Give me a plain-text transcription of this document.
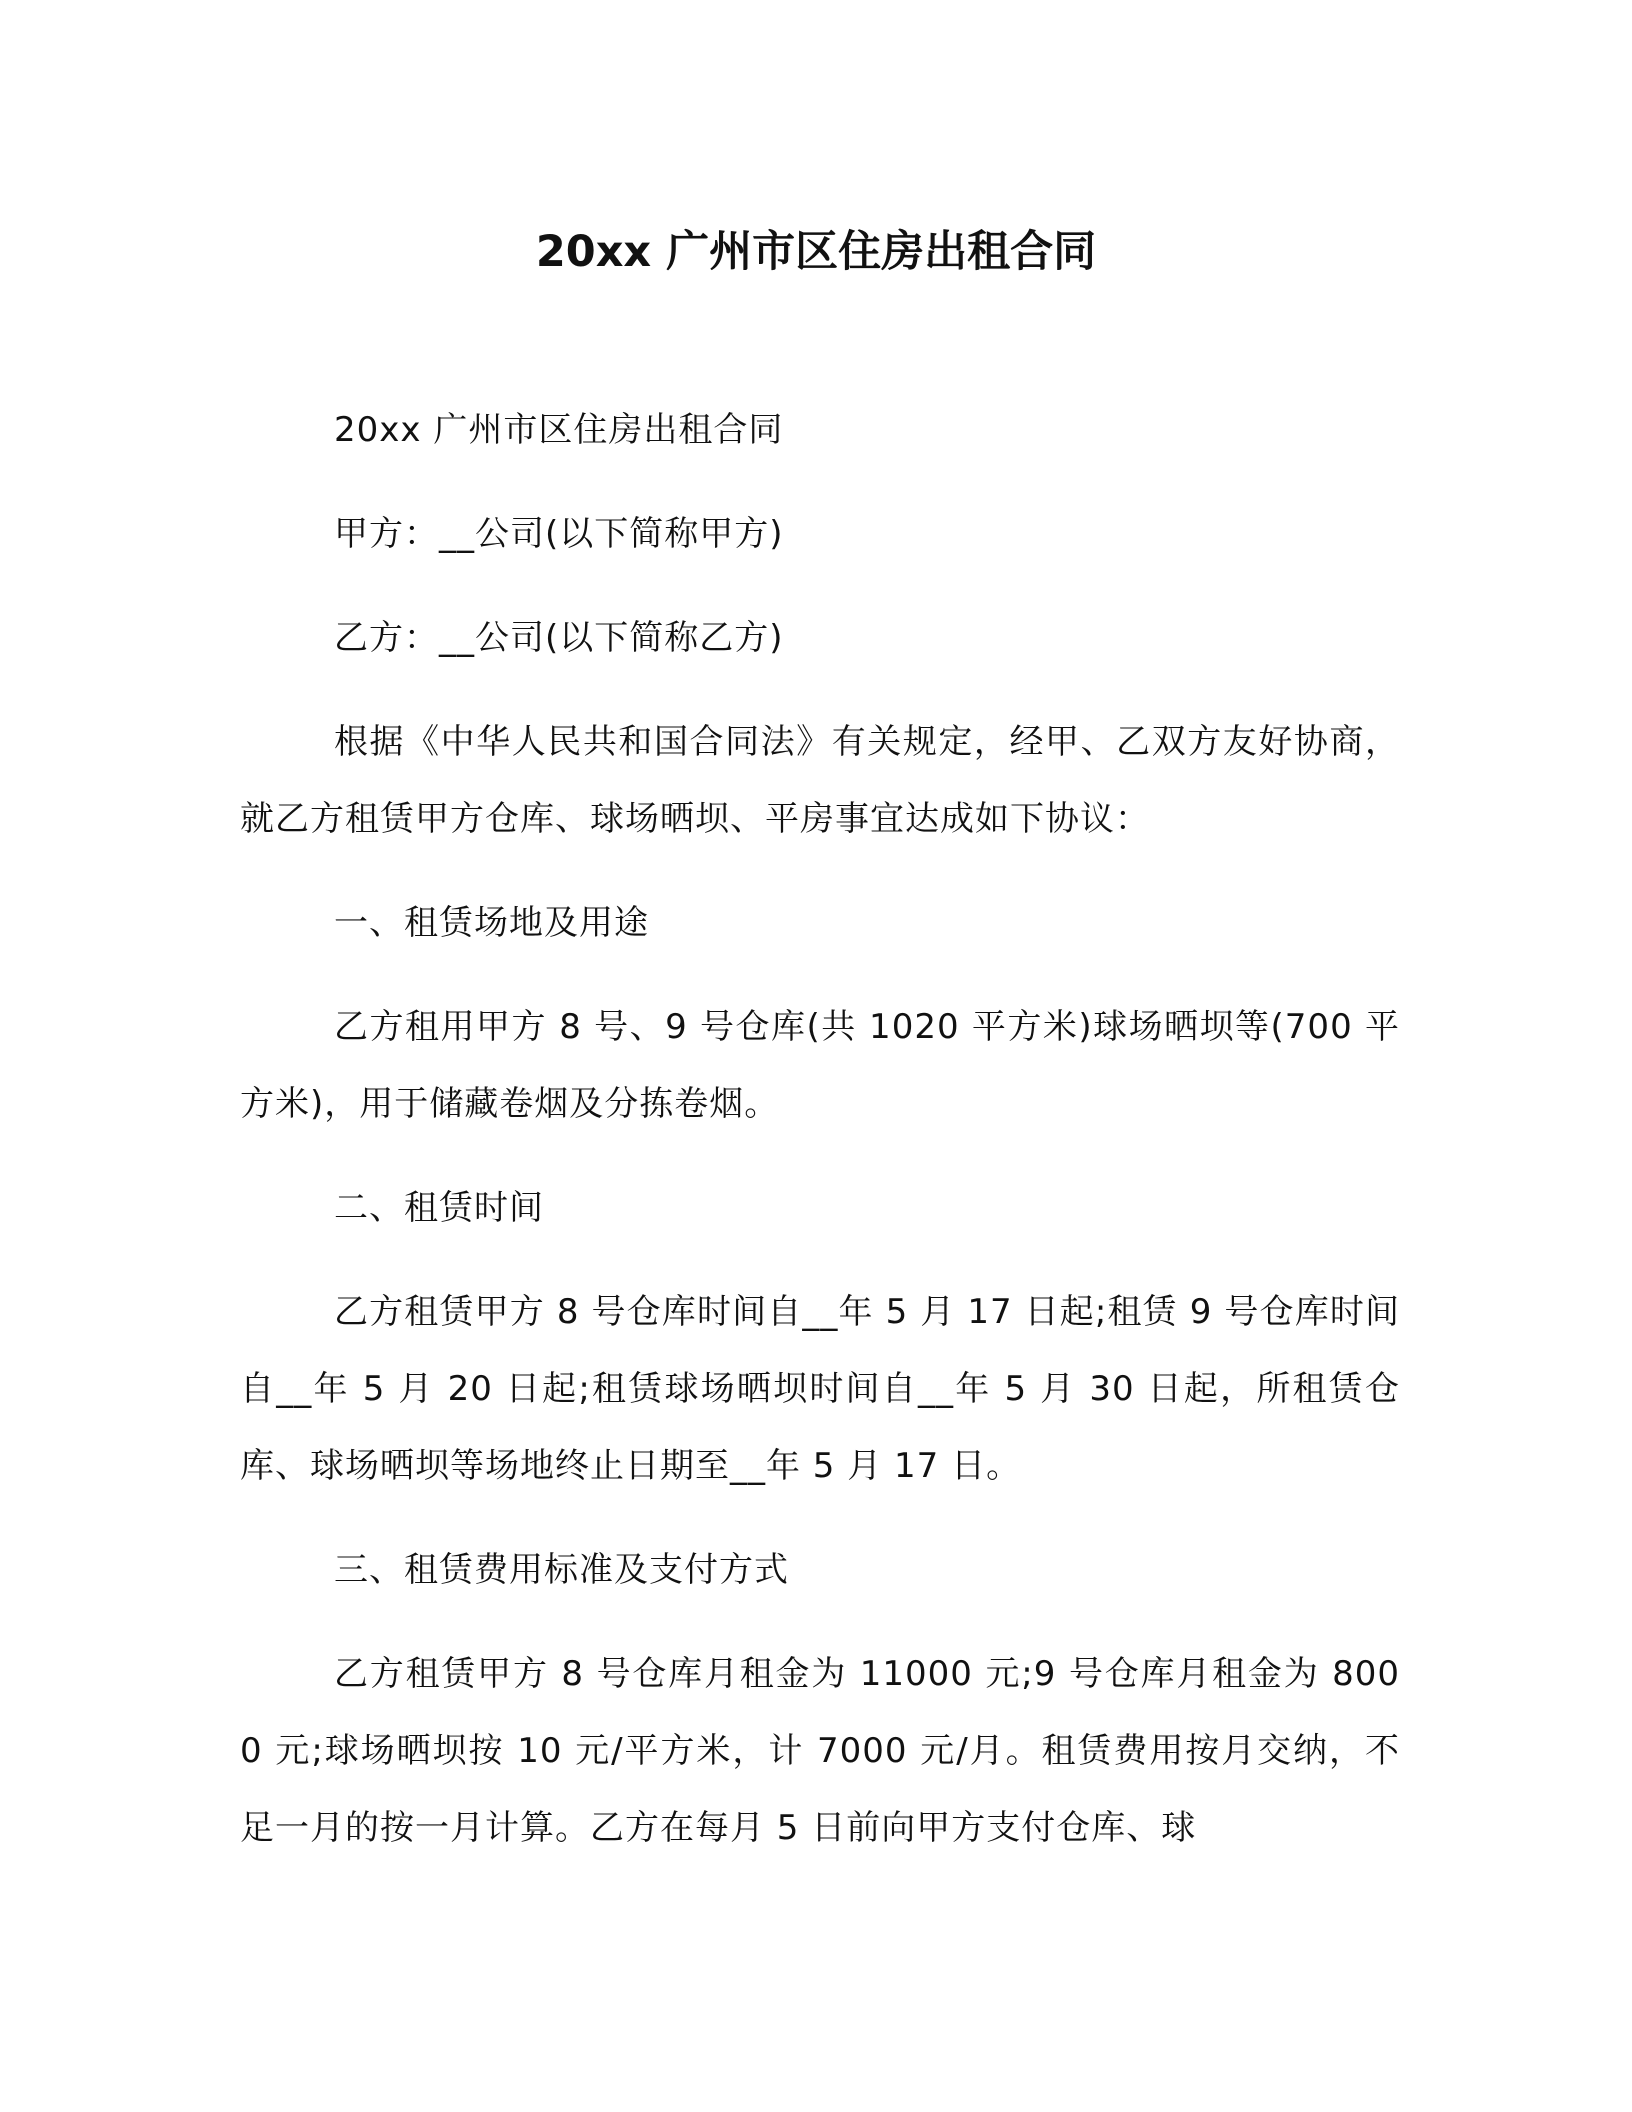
20xx 广州市区住房出租合同

20xx 广州市区住房出租合同

甲方：__公司(以下简称甲方)

乙方：__公司(以下简称乙方)

根据《中华人民共和国合同法》有关规定，经甲、乙双方友好协商，就乙方租赁甲方仓库、球场晒坝、平房事宜达成如下协议：

一、租赁场地及用途

乙方租用甲方 8 号、9 号仓库(共 1020 平方米)球场晒坝等(700 平方米)，用于储藏卷烟及分拣卷烟。

二、租赁时间

乙方租赁甲方 8 号仓库时间自__年 5 月 17 日起;租赁 9 号仓库时间自__年 5 月 20 日起;租赁球场晒坝时间自__年 5 月 30 日起，所租赁仓库、球场晒坝等场地终止日期至__年 5 月 17 日。

三、租赁费用标准及支付方式

乙方租赁甲方 8 号仓库月租金为 11000 元;9 号仓库月租金为 8000 元;球场晒坝按 10 元/平方米，计 7000 元/月。租赁费用按月交纳，不足一月的按一月计算。乙方在每月 5 日前向甲方支付仓库、球
